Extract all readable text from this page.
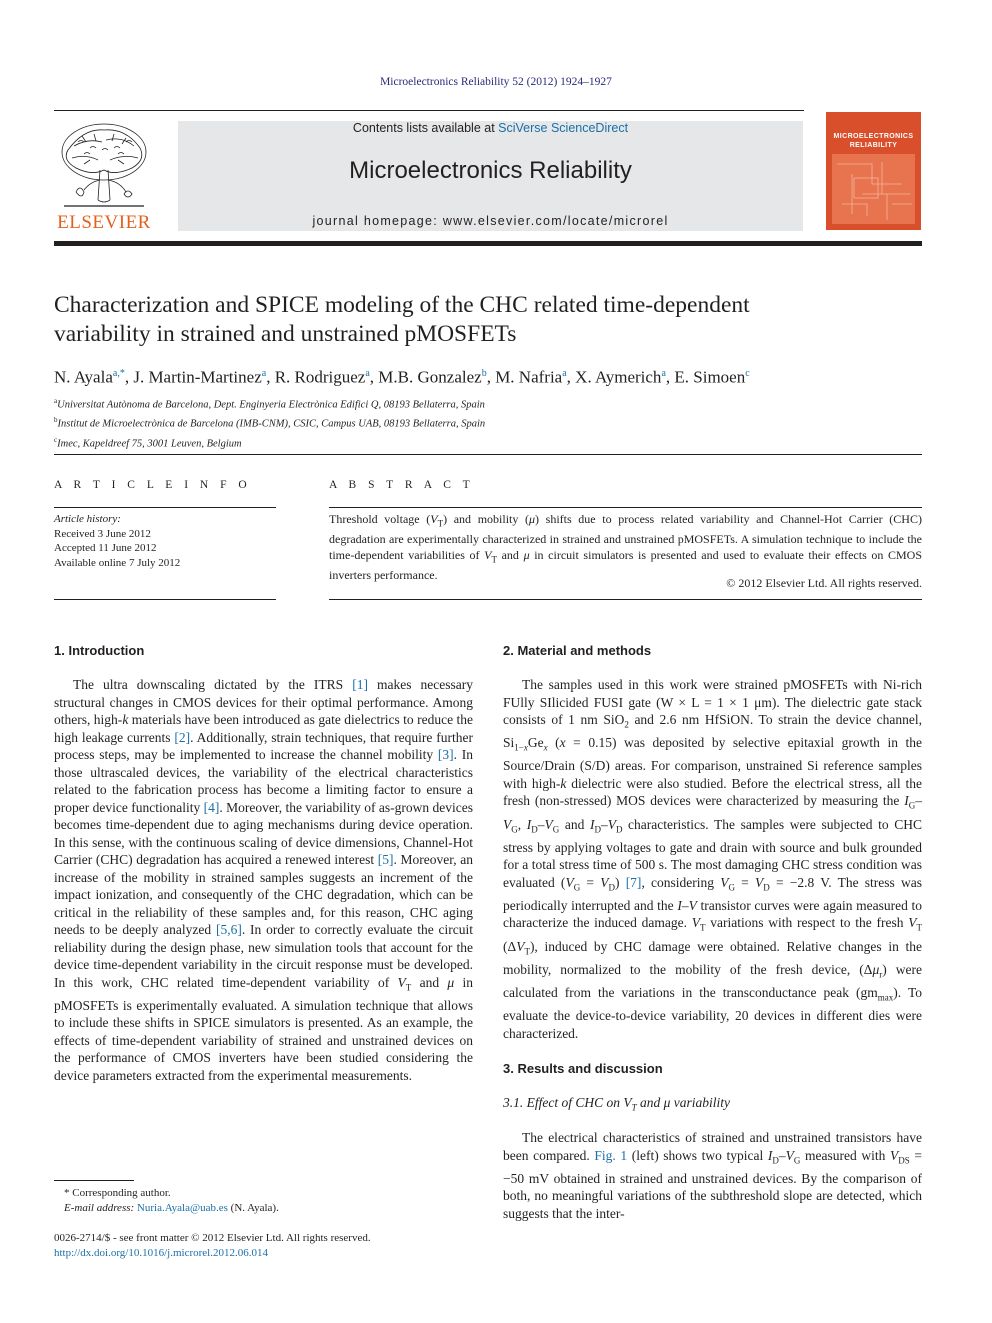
Microelectronics Reliability 52 (2012) 1924–1927
ELSEVIER
Contents lists available at SciVerse ScienceDirect
Microelectronics Reliability
journal homepage: www.elsevier.com/locate/microrel
MICROELECTRONICS
RELIABILITY
Characterization and SPICE modeling of the CHC related time-dependent
variability in strained and unstrained pMOSFETs
N. Ayala$^{a,*}$, J. Martin-Martinez$^a$, R. Rodriguez$^a$, M.B. Gonzalez$^b$, M. Nafria$^a$, X. Aymerich$^a$, E. Simoen$^c$
$^a$Universitat Autònoma de Barcelona, Dept. Enginyeria Electrònica Edifici Q, 08193 Bellaterra, Spain
$^b$Institut de Microelectrònica de Barcelona (IMB-CNM), CSIC, Campus UAB, 08193 Bellaterra, Spain
$^c$Imec, Kapeldreef 75, 3001 Leuven, Belgium
A R T I C L E I N F O	A B S T R A C T
Article history:
Received 3 June 2012
Accepted 11 June 2012
Available online 7 July 2012
Threshold voltage $(V_T)$ and mobility (μ) shifts due to process related variability and Channel-Hot Carrier (CHC) degradation are experimentally characterized in strained and unstrained pMOSFETs. A simulation technique to include the time-dependent variabilities of $V_T$ and μ in circuit simulators is presented and used to evaluate their effects on CMOS inverters performance.
© 2012 Elsevier Ltd. All rights reserved.
1. Introduction

The ultra downscaling dictated by the ITRS [1] makes necessary structural changes in CMOS devices for their optimal performance. Among others, high-k materials have been introduced as gate dielectrics to reduce the high leakage currents [2]. Additionally, strain techniques, that require further process steps, may be implemented to increase the channel mobility [3]. In those ultrascaled devices, the variability of the electrical characteristics related to the fabrication process has become a limiting factor to ensure a proper device functionality [4]. Moreover, the variability of as-grown devices becomes time-dependent due to aging mechanisms during device operation. In this sense, with the continuous scaling of device dimensions, Channel-Hot Carrier (CHC) degradation has acquired a renewed interest [5]. Moreover, an increase of the mobility in strained samples suggests an increment of the impact ionization, and consequently of the CHC degradation, which can be critical in the reliability of these samples and, for this reason, CHC aging needs to be deeply analyzed [5,6]. In order to correctly evaluate the circuit reliability during the design phase, new simulation tools that account for the device time-dependent variability in the circuit response must be developed. In this work, CHC related time-dependent variability of $V_T$ and μ in pMOSFETs is experimentally evaluated. A simulation technique that allows to include these shifts in SPICE simulators is presented. As an example, the effects of time-dependent variability of strained and unstrained devices on the performance of CMOS inverters have been studied considering the device parameters extracted from the experimental measurements.

* Corresponding author.
E-mail address: Nuria.Ayala@uab.es (N. Ayala).
0026-2714/$ - see front matter © 2012 Elsevier Ltd. All rights reserved.
http://dx.doi.org/10.1016/j.microrel.2012.06.014
2. Material and methods

The samples used in this work were strained pMOSFETs with Ni-rich FUlly SIlicided FUSI gate (W × L = 1 × 1 μm). The dielectric gate stack consists of 1 nm SiO$_2$ and 2.6 nm HfSiON. To strain the device channel, $Si_{1-x}Ge_x$ (x = 0.15) was deposited by selective epitaxial growth in the Source/Drain (S/D) areas. For comparison, unstrained Si reference samples with high-k dielectric were also studied. Before the electrical stress, all the fresh (non-stressed) MOS devices were characterized by measuring the $I_G-V_G$, $I_D-V_G$ and $I_D-V_D$ characteristics. The samples were subjected to CHC stress by applying voltages to gate and drain with source and bulk grounded for a total stress time of 500 s. The most damaging CHC stress condition was evaluated $(V_G = V_D)$ [7], considering $V_G = V_D = -2.8$ V. The stress was periodically interrupted and the I–V transistor curves were again measured to characterize the induced damage. $V_T$ variations with respect to the fresh $V_T$ $(\Delta V_T)$, induced by CHC damage were obtained. Relative changes in the mobility, normalized to the mobility of the fresh device, $(\Delta\mu_r)$ were calculated from the variations in the transconductance peak $(gm_{max})$. To evaluate the device-to-device variability, 20 devices in different dies were characterized.

3. Results and discussion
3.1. Effect of CHC on $V_T$ and μ variability

The electrical characteristics of strained and unstrained transistors have been compared. Fig. 1 (left) shows two typical $I_D-V_G$ measured with $V_{DS} = -50$ mV obtained in strained and unstrained devices. By the comparison of both, no meaningful variations of the subthreshold slope are detected, which suggests that the inter-
